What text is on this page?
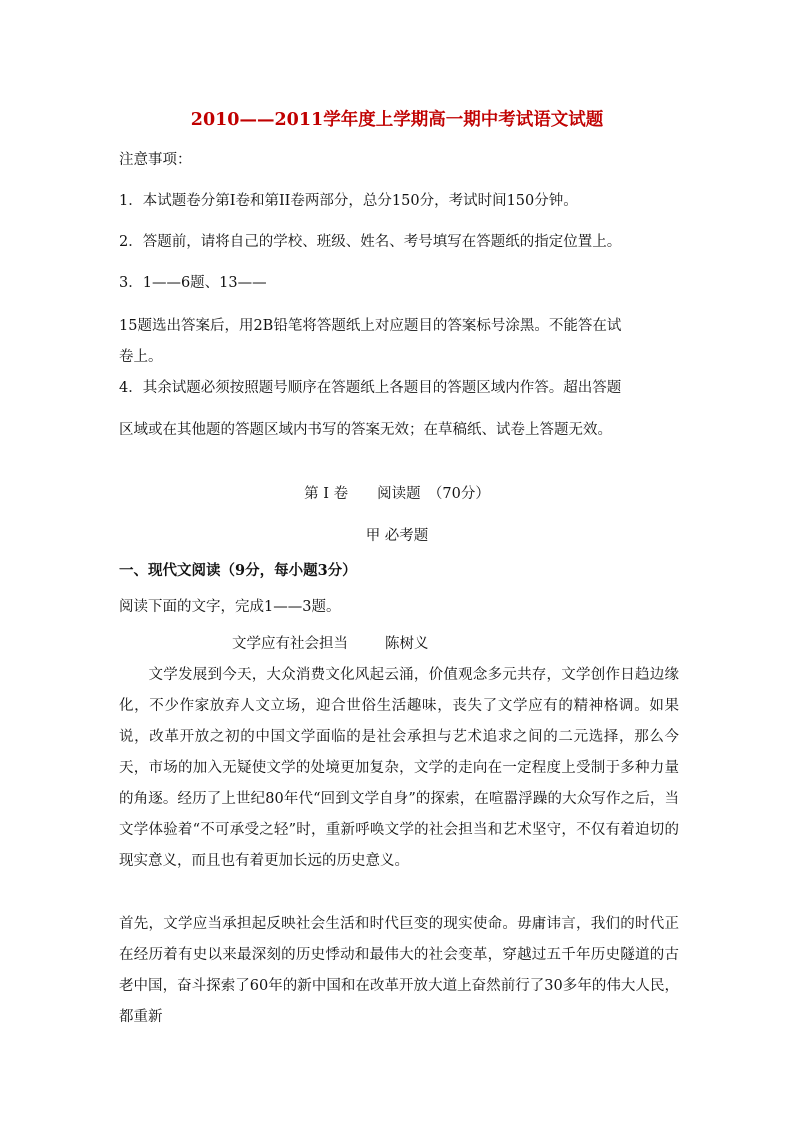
2010——2011学年度上学期高一期中考试语文试题
注意事项：
1．本试题卷分第I卷和第II卷两部分，总分150分，考试时间150分钟。
2．答题前，请将自己的学校、班级、姓名、考号填写在答题纸的指定位置上。
3．1——6题、13——
15题选出答案后，用2B铅笔将答题纸上对应题目的答案标号涂黑。不能答在试
卷上。
4．其余试题必须按照题号顺序在答题纸上各题目的答题区域内作答。超出答题
区域或在其他题的答题区域内书写的答案无效；在草稿纸、试卷上答题无效。
第 I 卷　　阅读题　（70分）
甲 必考题
一、现代文阅读（9分，每小题3分）
阅读下面的文字，完成1——3题。
文学应有社会担当	陈树义
　　文学发展到今天，大众消费文化风起云涌，价值观念多元共存，文学创作日趋边缘化，不少作家放弃人文立场，迎合世俗生活趣味，丧失了文学应有的精神格调。如果说，改革开放之初的中国文学面临的是社会承担与艺术追求之间的二元选择，那么今天，市场的加入无疑使文学的处境更加复杂，文学的走向在一定程度上受制于多种力量的角逐。经历了上世纪80年代“回到文学自身”的探索，在喧嚣浮躁的大众写作之后，当文学体验着“不可承受之轻”时，重新呼唤文学的社会担当和艺术坚守，不仅有着迫切的现实意义，而且也有着更加长远的历史意义。
首先，文学应当承担起反映社会生活和时代巨变的现实使命。毋庸讳言，我们的时代正在经历着有史以来最深刻的历史悸动和最伟大的社会变革，穿越过五千年历史隧道的古老中国，奋斗探索了60年的新中国和在改革开放大道上奋然前行了30多年的伟大人民，都重新
